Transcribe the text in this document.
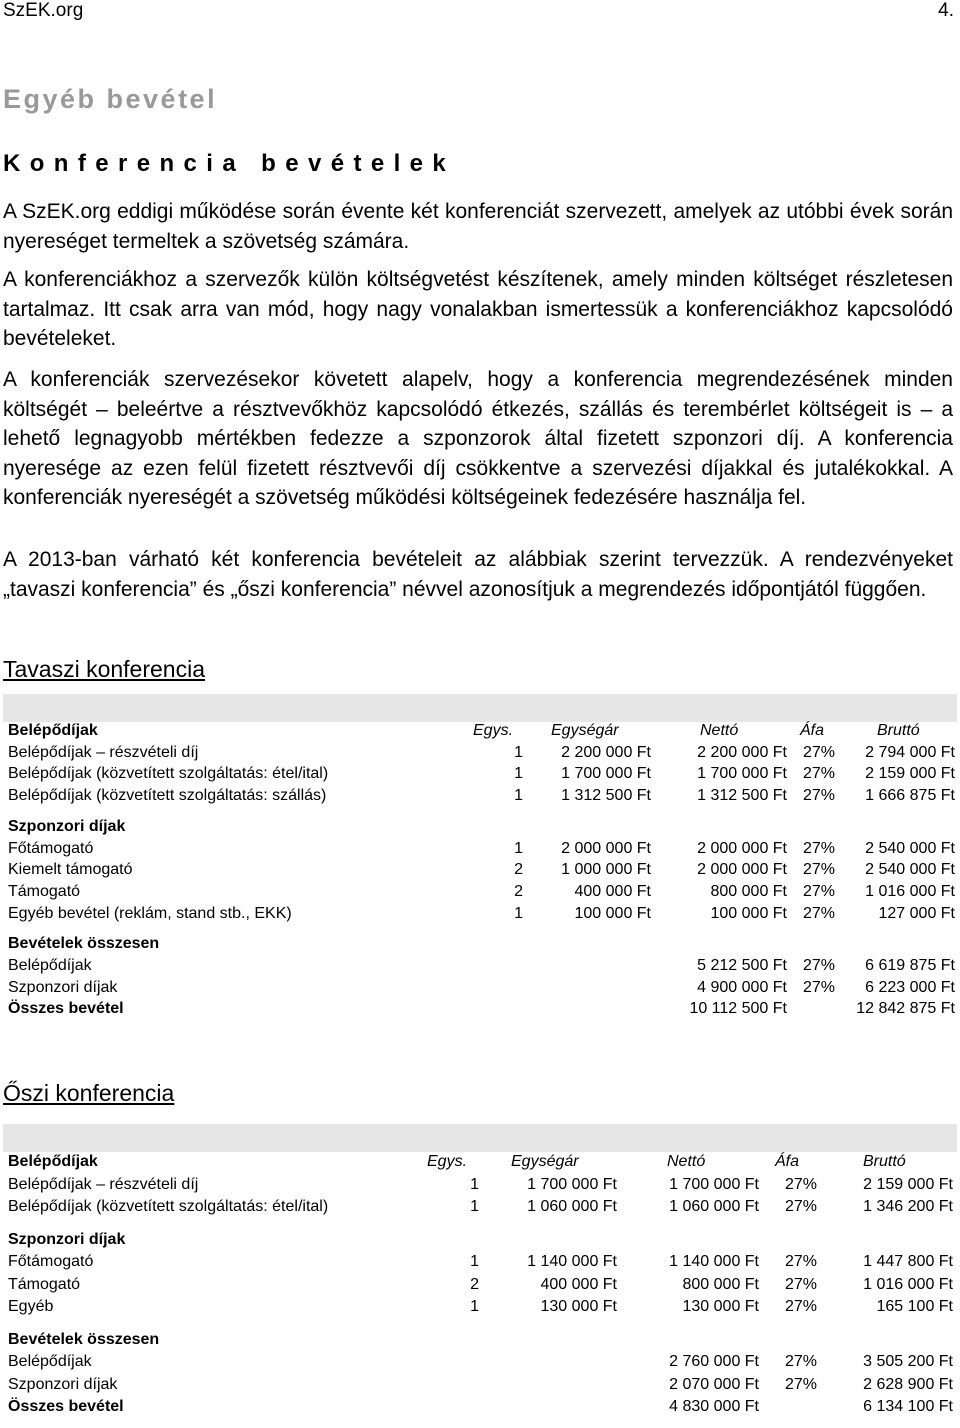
SzEK.org	4.
Egyéb bevétel
Konferencia bevételek

A SzEK.org eddigi működése során évente két konferenciát szervezett, amelyek az utóbbi évek során nyereséget termeltek a szövetség számára.

A konferenciákhoz a szervezők külön költségvetést készítenek, amely minden költséget részletesen tartalmaz. Itt csak arra van mód, hogy nagy vonalakban ismertessük a konferenciákhoz kapcsolódó bevételeket.

A konferenciák szervezésekor követett alapelv, hogy a konferencia megrendezésének minden költségét – beleértve a résztvevőkhöz kapcsolódó étkezés, szállás és terembérlet költségeit is – a lehető legnagyobb mértékben fedezze a szponzorok által fizetett szponzori díj. A konferencia nyeresége az ezen felül fizetett résztvevői díj csökkentve a szervezési díjakkal és jutalékokkal. A konferenciák nyereségét a szövetség működési költségeinek fedezésére használja fel.

A 2013-ban várható két konferencia bevételeit az alábbiak szerint tervezzük. A rendezvényeket „tavaszi konferencia” és „őszi konferencia” névvel azonosítjuk a megrendezés időpontjától függően.

Tavaszi konferencia
Belépődíjak	Egys. Egységár	Nettó	Áfa	Bruttó
Belépődíjak – részvételi díj	1	2 200 000 Ft	2 200 000 Ft 27%	2 794 000 Ft
Belépődíjak (közvetített szolgáltatás: étel/ital)	1	1 700 000 Ft	1 700 000 Ft 27%	2 159 000 Ft
Belépődíjak (közvetített szolgáltatás: szállás)	1	1 312 500 Ft	1 312 500 Ft 27%	1 666 875 Ft
Szponzori díjak
Főtámogató	1	2 000 000 Ft	2 000 000 Ft 27%	2 540 000 Ft
Kiemelt támogató	2	1 000 000 Ft	2 000 000 Ft 27%	2 540 000 Ft
Támogató	2	400 000 Ft	800 000 Ft 27%	1 016 000 Ft
Egyéb bevétel (reklám, stand stb., EKK)	1	100 000 Ft	100 000 Ft 27%	127 000 Ft
Bevételek összesen
Belépődíjak	5 212 500 Ft 27%	6 619 875 Ft
Szponzori díjak	4 900 000 Ft 27%	6 223 000 Ft
Összes bevétel	10 112 500 Ft	12 842 875 Ft
Őszi konferencia
Belépődíjak	Egys.	Egységár	Nettó	Áfa	Bruttó
Belépődíjak – részvételi díj	1	1 700 000 Ft	1 700 000 Ft	27%	2 159 000 Ft
Belépődíjak (közvetített szolgáltatás: étel/ital)	1	1 060 000 Ft	1 060 000 Ft	27%	1 346 200 Ft
Szponzori díjak
Főtámogató	1	1 140 000 Ft	1 140 000 Ft	27%	1 447 800 Ft
Támogató	2	400 000 Ft	800 000 Ft	27%	1 016 000 Ft
Egyéb	1	130 000 Ft	130 000 Ft	27%	165 100 Ft
Bevételek összesen
Belépődíjak	2 760 000 Ft	27%	3 505 200 Ft
Szponzori díjak	2 070 000 Ft	27%	2 628 900 Ft
Összes bevétel	4 830 000 Ft	6 134 100 Ft
